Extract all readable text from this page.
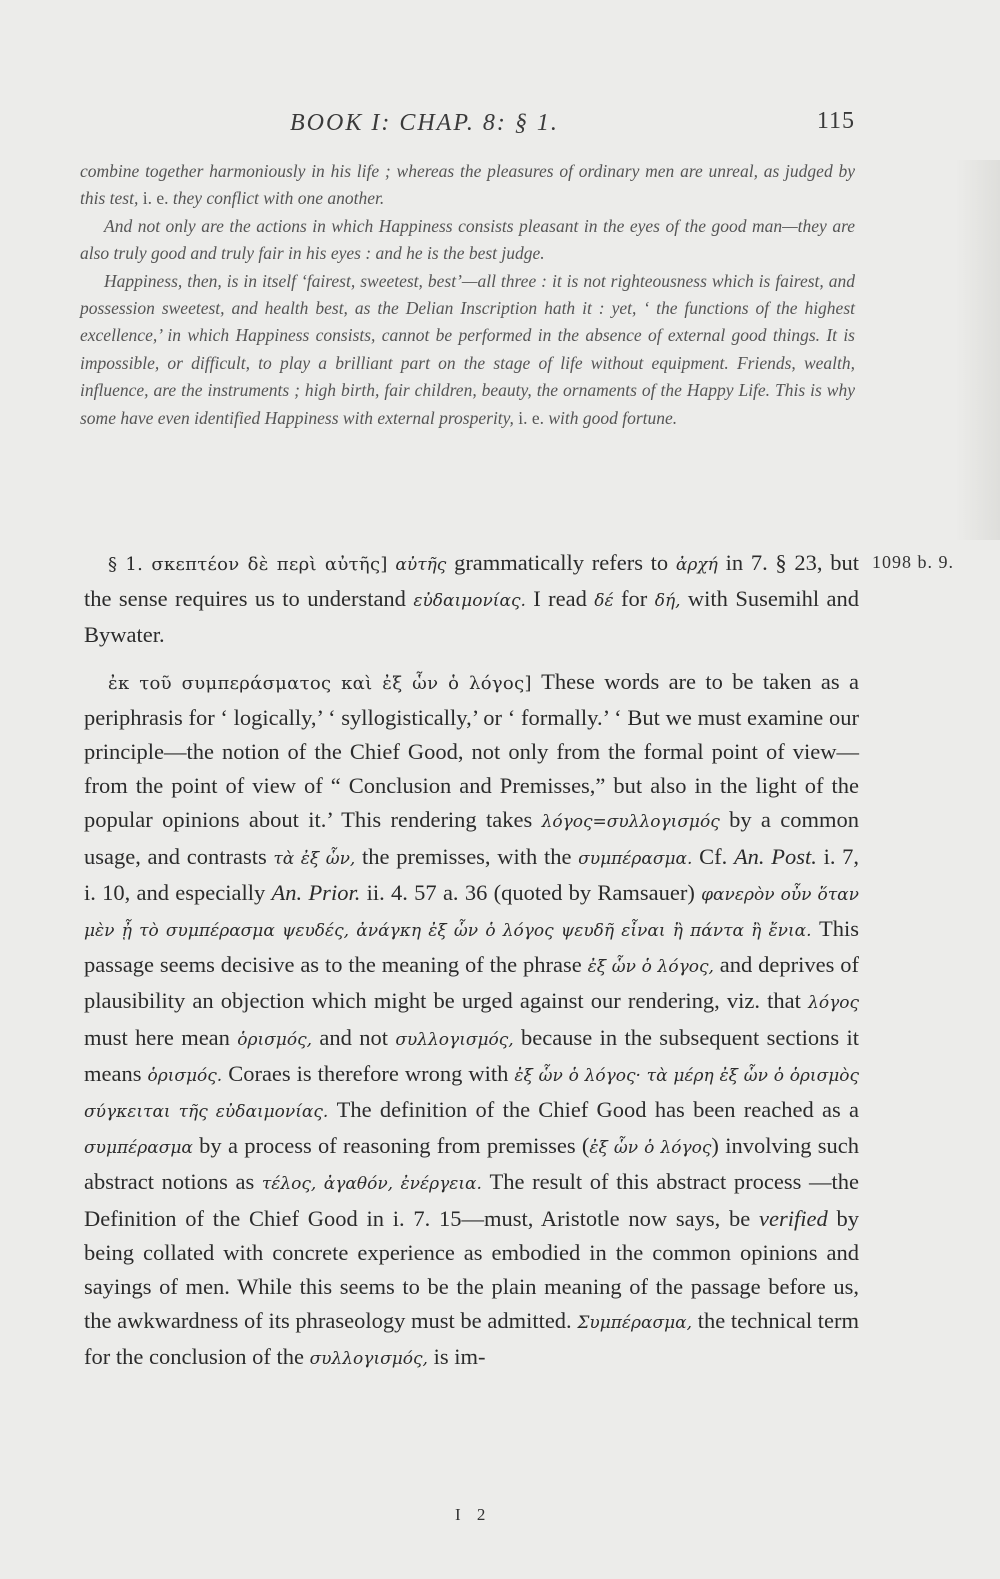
BOOK I: CHAP. 8: § 1.	115

combine together harmoniously in his life ; whereas the pleasures of ordinary men are unreal, as judged by this test, i. e. they conflict with one another.

And not only are the actions in which Happiness consists pleasant in the eyes of the good man—they are also truly good and truly fair in his eyes : and he is the best judge.

Happiness, then, is in itself ‘fairest, sweetest, best’—all three : it is not righteousness which is fairest, and possession sweetest, and health best, as the Delian Inscription hath it : yet, ‘ the functions of the highest excellence,’ in which Happiness consists, cannot be performed in the absence of external good things. It is impossible, or difficult, to play a brilliant part on the stage of life without equipment. Friends, wealth, influence, are the instruments ; high birth, fair children, beauty, the ornaments of the Happy Life. This is why some have even identified Happiness with external prosperity, i. e. with good fortune.

1098 b. 9.

§ 1. σκεπτέον δὲ περὶ αὐτῆς] αὐτῆς grammatically refers to ἀρχή in 7. § 23, but the sense requires us to understand εὐδαιμονίας. I read δέ for δή, with Susemihl and Bywater.

ἐκ τοῦ συμπεράσματος καὶ ἐξ ὧν ὁ λόγος] These words are to be taken as a periphrasis for ‘ logically,’ ‘ syllogistically,’ or ‘ formally.’ ‘ But we must examine our principle—the notion of the Chief Good, not only from the formal point of view—from the point of view of “ Conclusion and Premisses,” but also in the light of the popular opinions about it.’ This rendering takes λόγος=συλλογισμός by a common usage, and contrasts τὰ ἐξ ὧν, the premisses, with the συμπέρασμα. Cf. An. Post. i. 7, i. 10, and especially An. Prior. ii. 4. 57 a. 36 (quoted by Ramsauer) φανερὸν οὖν ὅταν μὲν ᾖ τὸ συμπέρασμα ψευδές, ἀνάγκη ἐξ ὧν ὁ λόγος ψευδῆ εἶναι ἢ πάντα ἢ ἔνια. This passage seems decisive as to the meaning of the phrase ἐξ ὧν ὁ λόγος, and deprives of plausibility an objection which might be urged against our rendering, viz. that λόγος must here mean ὁρισμός, and not συλλογισμός, because in the subsequent sections it means ὁρισμός. Coraes is therefore wrong with ἐξ ὧν ὁ λόγος· τὰ μέρη ἐξ ὧν ὁ ὁρισμὸς σύγκειται τῆς εὐδαιμονίας. The definition of the Chief Good has been reached as a συμπέρασμα by a process of reasoning from premisses (ἐξ ὧν ὁ λόγος) involving such abstract notions as τέλος, ἀγαθόν, ἐνέργεια. The result of this abstract process —the Definition of the Chief Good in i. 7. 15—must, Aristotle now says, be verified by being collated with concrete experience as embodied in the common opinions and sayings of men. While this seems to be the plain meaning of the passage before us, the awkwardness of its phraseology must be admitted. Συμπέρασμα, the technical term for the conclusion of the συλλογισμός, is im-

I 2
